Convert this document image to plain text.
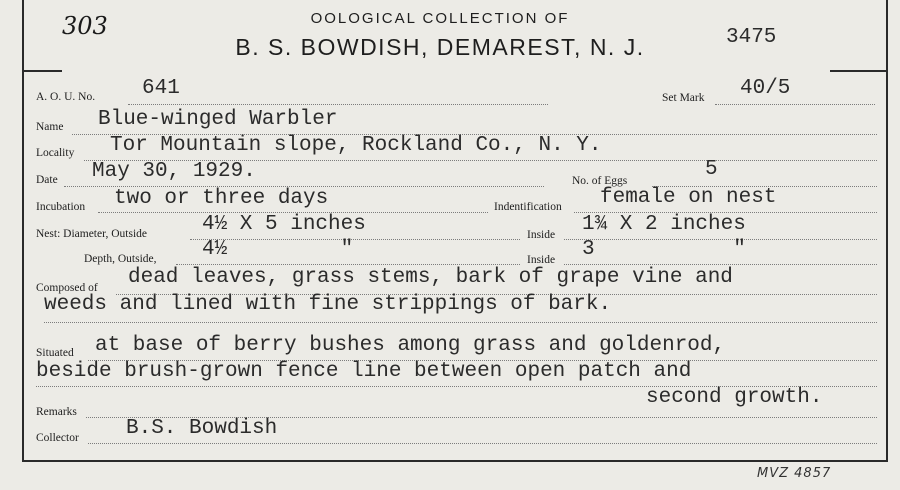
303	OOLOGICAL COLLECTION OF
B. S. BOWDISH, DEMAREST, N. J.	3475
A. O. U. No. 641	Set Mark 40/5
Name Blue-winged Warbler
Locality Tor Mountain slope, Rockland Co., N. Y.
Date May 30, 1929.	No. of Eggs	5
Incubation two or three days	Indentification female on nest
Nest: Diameter, Outside	4½ X 5 inches	Inside 1¾ X 2 inches
Depth, Outside, 4½         "	Inside 3           "
Composed of dead leaves, grass stems, bark of grape vine and
weeds and lined with fine strippings of bark.
Situated at base of berry bushes among grass and goldenrod,
beside brush-grown fence line between open patch and
second growth.
Remarks
Collector B.S. Bowdish
MVZ 4857
